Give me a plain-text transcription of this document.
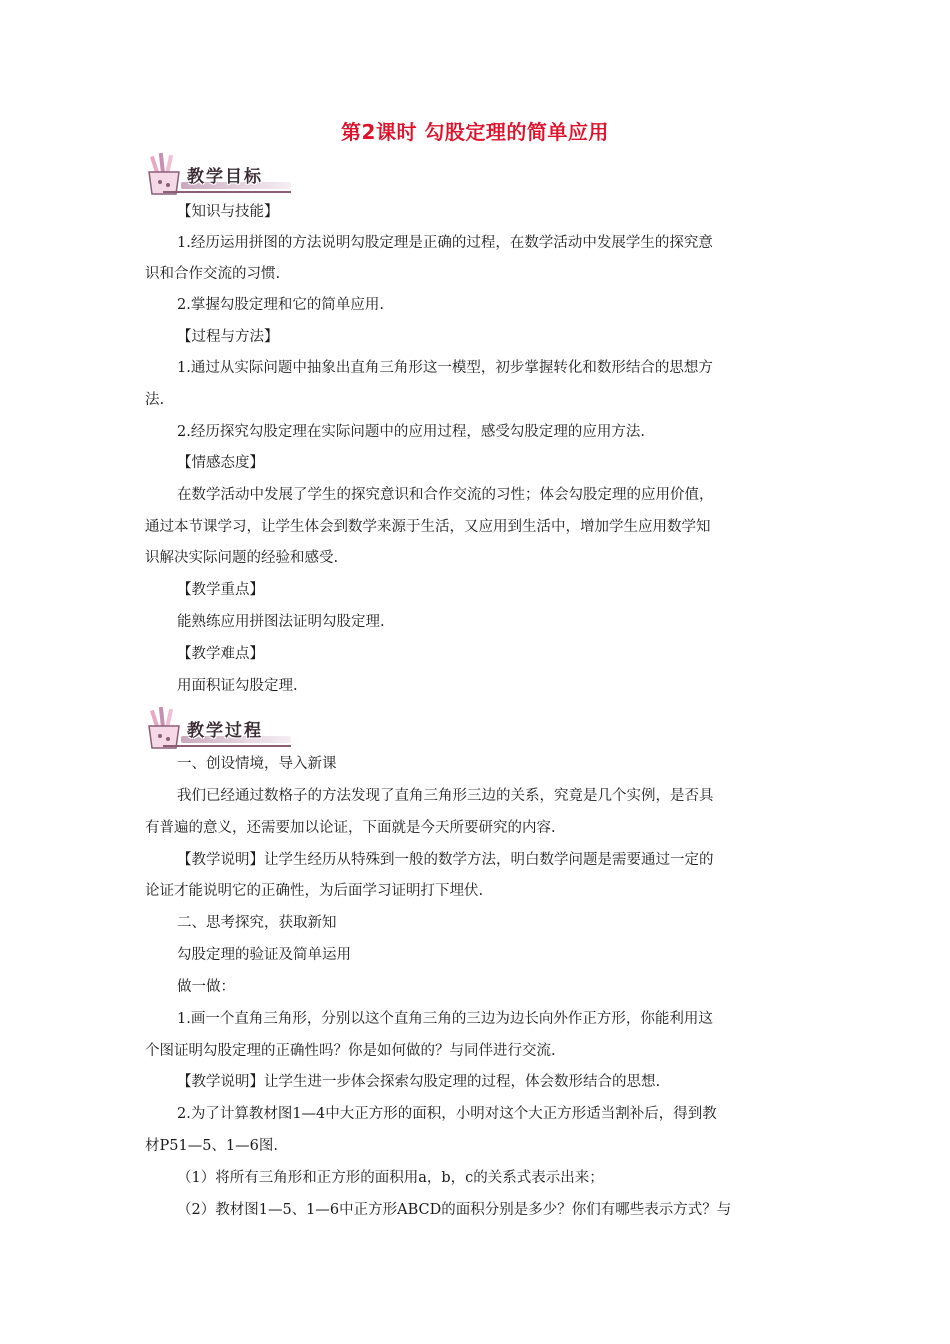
第2课时 勾股定理的简单应用
教学目标
教学过程
【知识与技能】
1.经历运用拼图的方法说明勾股定理是正确的过程，在数学活动中发展学生的探究意
识和合作交流的习惯.
2.掌握勾股定理和它的简单应用.
【过程与方法】
1.通过从实际问题中抽象出直角三角形这一模型，初步掌握转化和数形结合的思想方
法.
2.经历探究勾股定理在实际问题中的应用过程，感受勾股定理的应用方法.
【情感态度】
在数学活动中发展了学生的探究意识和合作交流的习性；体会勾股定理的应用价值，
通过本节课学习，让学生体会到数学来源于生活，又应用到生活中，增加学生应用数学知
识解决实际问题的经验和感受.
【教学重点】
能熟练应用拼图法证明勾股定理.
【教学难点】
用面积证勾股定理.
一、创设情境，导入新课
我们已经通过数格子的方法发现了直角三角形三边的关系，究竟是几个实例，是否具
有普遍的意义，还需要加以论证，下面就是今天所要研究的内容.
【教学说明】让学生经历从特殊到一般的数学方法，明白数学问题是需要通过一定的
论证才能说明它的正确性，为后面学习证明打下埋伏.
二、思考探究，获取新知
勾股定理的验证及简单运用
做一做：
1.画一个直角三角形，分别以这个直角三角的三边为边长向外作正方形，你能利用这
个图证明勾股定理的正确性吗？你是如何做的？与同伴进行交流.
【教学说明】让学生进一步体会探索勾股定理的过程，体会数形结合的思想.
2.为了计算教材图1—4中大正方形的面积，小明对这个大正方形适当割补后，得到教
材P51—5、1—6图.
（1）将所有三角形和正方形的面积用a，b，c的关系式表示出来；
（2）教材图1—5、1—6中正方形ABCD的面积分别是多少？你们有哪些表示方式？与
